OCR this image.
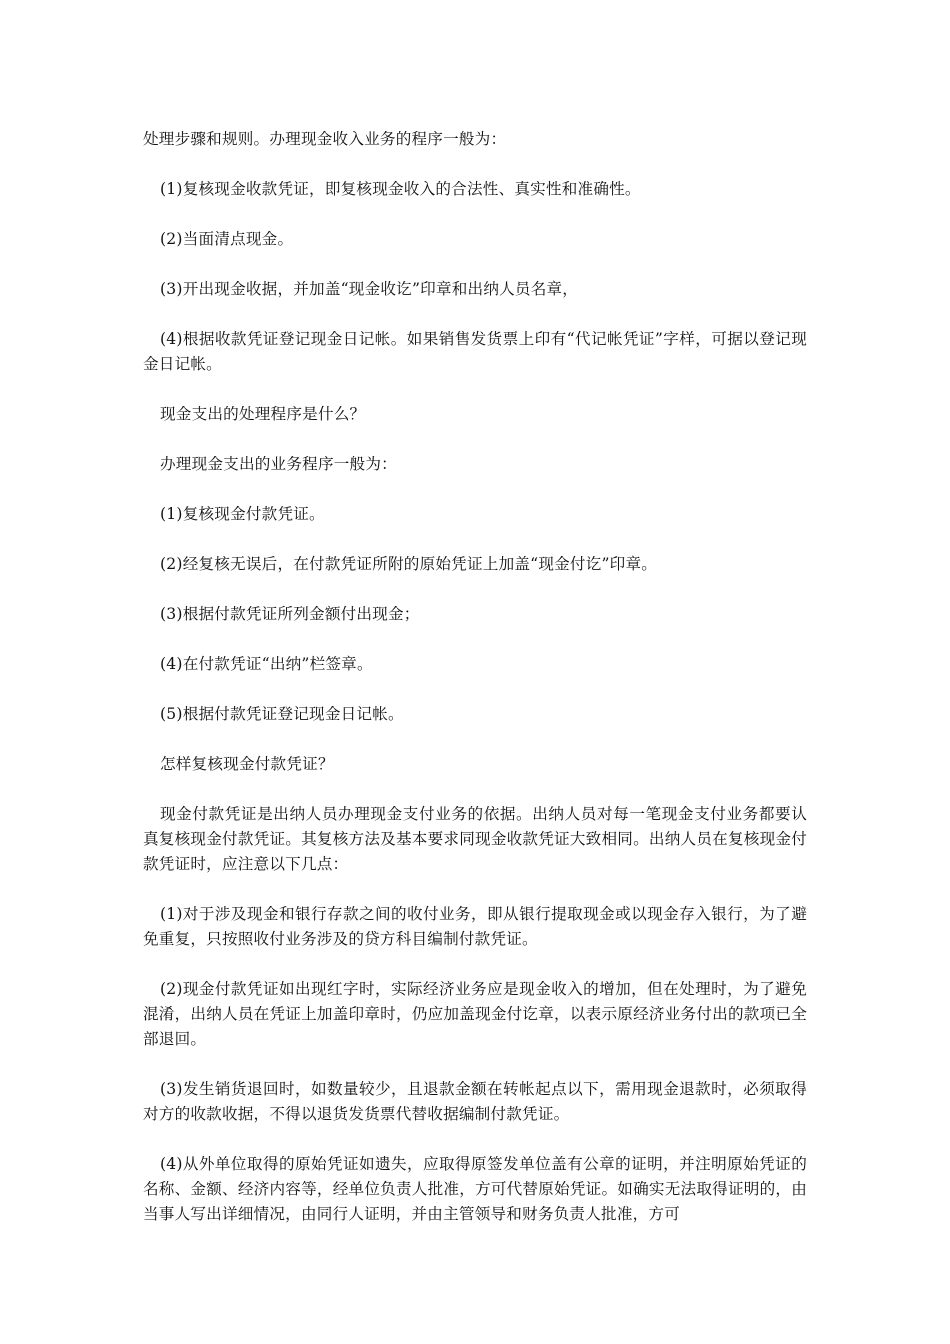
处理步骤和规则。办理现金收入业务的程序一般为：

(1)复核现金收款凭证，即复核现金收入的合法性、真实性和准确性。

(2)当面清点现金。

(3)开出现金收据，并加盖“现金收讫”印章和出纳人员名章，

(4)根据收款凭证登记现金日记帐。如果销售发货票上印有“代记帐凭证”字样，可据以登记现金日记帐。

现金支出的处理程序是什么？

办理现金支出的业务程序一般为：

(1)复核现金付款凭证。

(2)经复核无误后，在付款凭证所附的原始凭证上加盖“现金付讫”印章。

(3)根据付款凭证所列金额付出现金；

(4)在付款凭证“出纳”栏签章。

(5)根据付款凭证登记现金日记帐。

怎样复核现金付款凭证？

现金付款凭证是出纳人员办理现金支付业务的依据。出纳人员对每一笔现金支付业务都要认真复核现金付款凭证。其复核方法及基本要求同现金收款凭证大致相同。出纳人员在复核现金付款凭证时，应注意以下几点：

(1)对于涉及现金和银行存款之间的收付业务，即从银行提取现金或以现金存入银行，为了避免重复，只按照收付业务涉及的贷方科目编制付款凭证。

(2)现金付款凭证如出现红字时，实际经济业务应是现金收入的增加，但在处理时，为了避免混淆，出纳人员在凭证上加盖印章时，仍应加盖现金付讫章，以表示原经济业务付出的款项已全部退回。

(3)发生销货退回时，如数量较少，且退款金额在转帐起点以下，需用现金退款时，必须取得对方的收款收据，不得以退货发货票代替收据编制付款凭证。

(4)从外单位取得的原始凭证如遗失，应取得原签发单位盖有公章的证明，并注明原始凭证的名称、金额、经济内容等，经单位负责人批准，方可代替原始凭证。如确实无法取得证明的，由当事人写出详细情况，由同行人证明，并由主管领导和财务负责人批准，方可
